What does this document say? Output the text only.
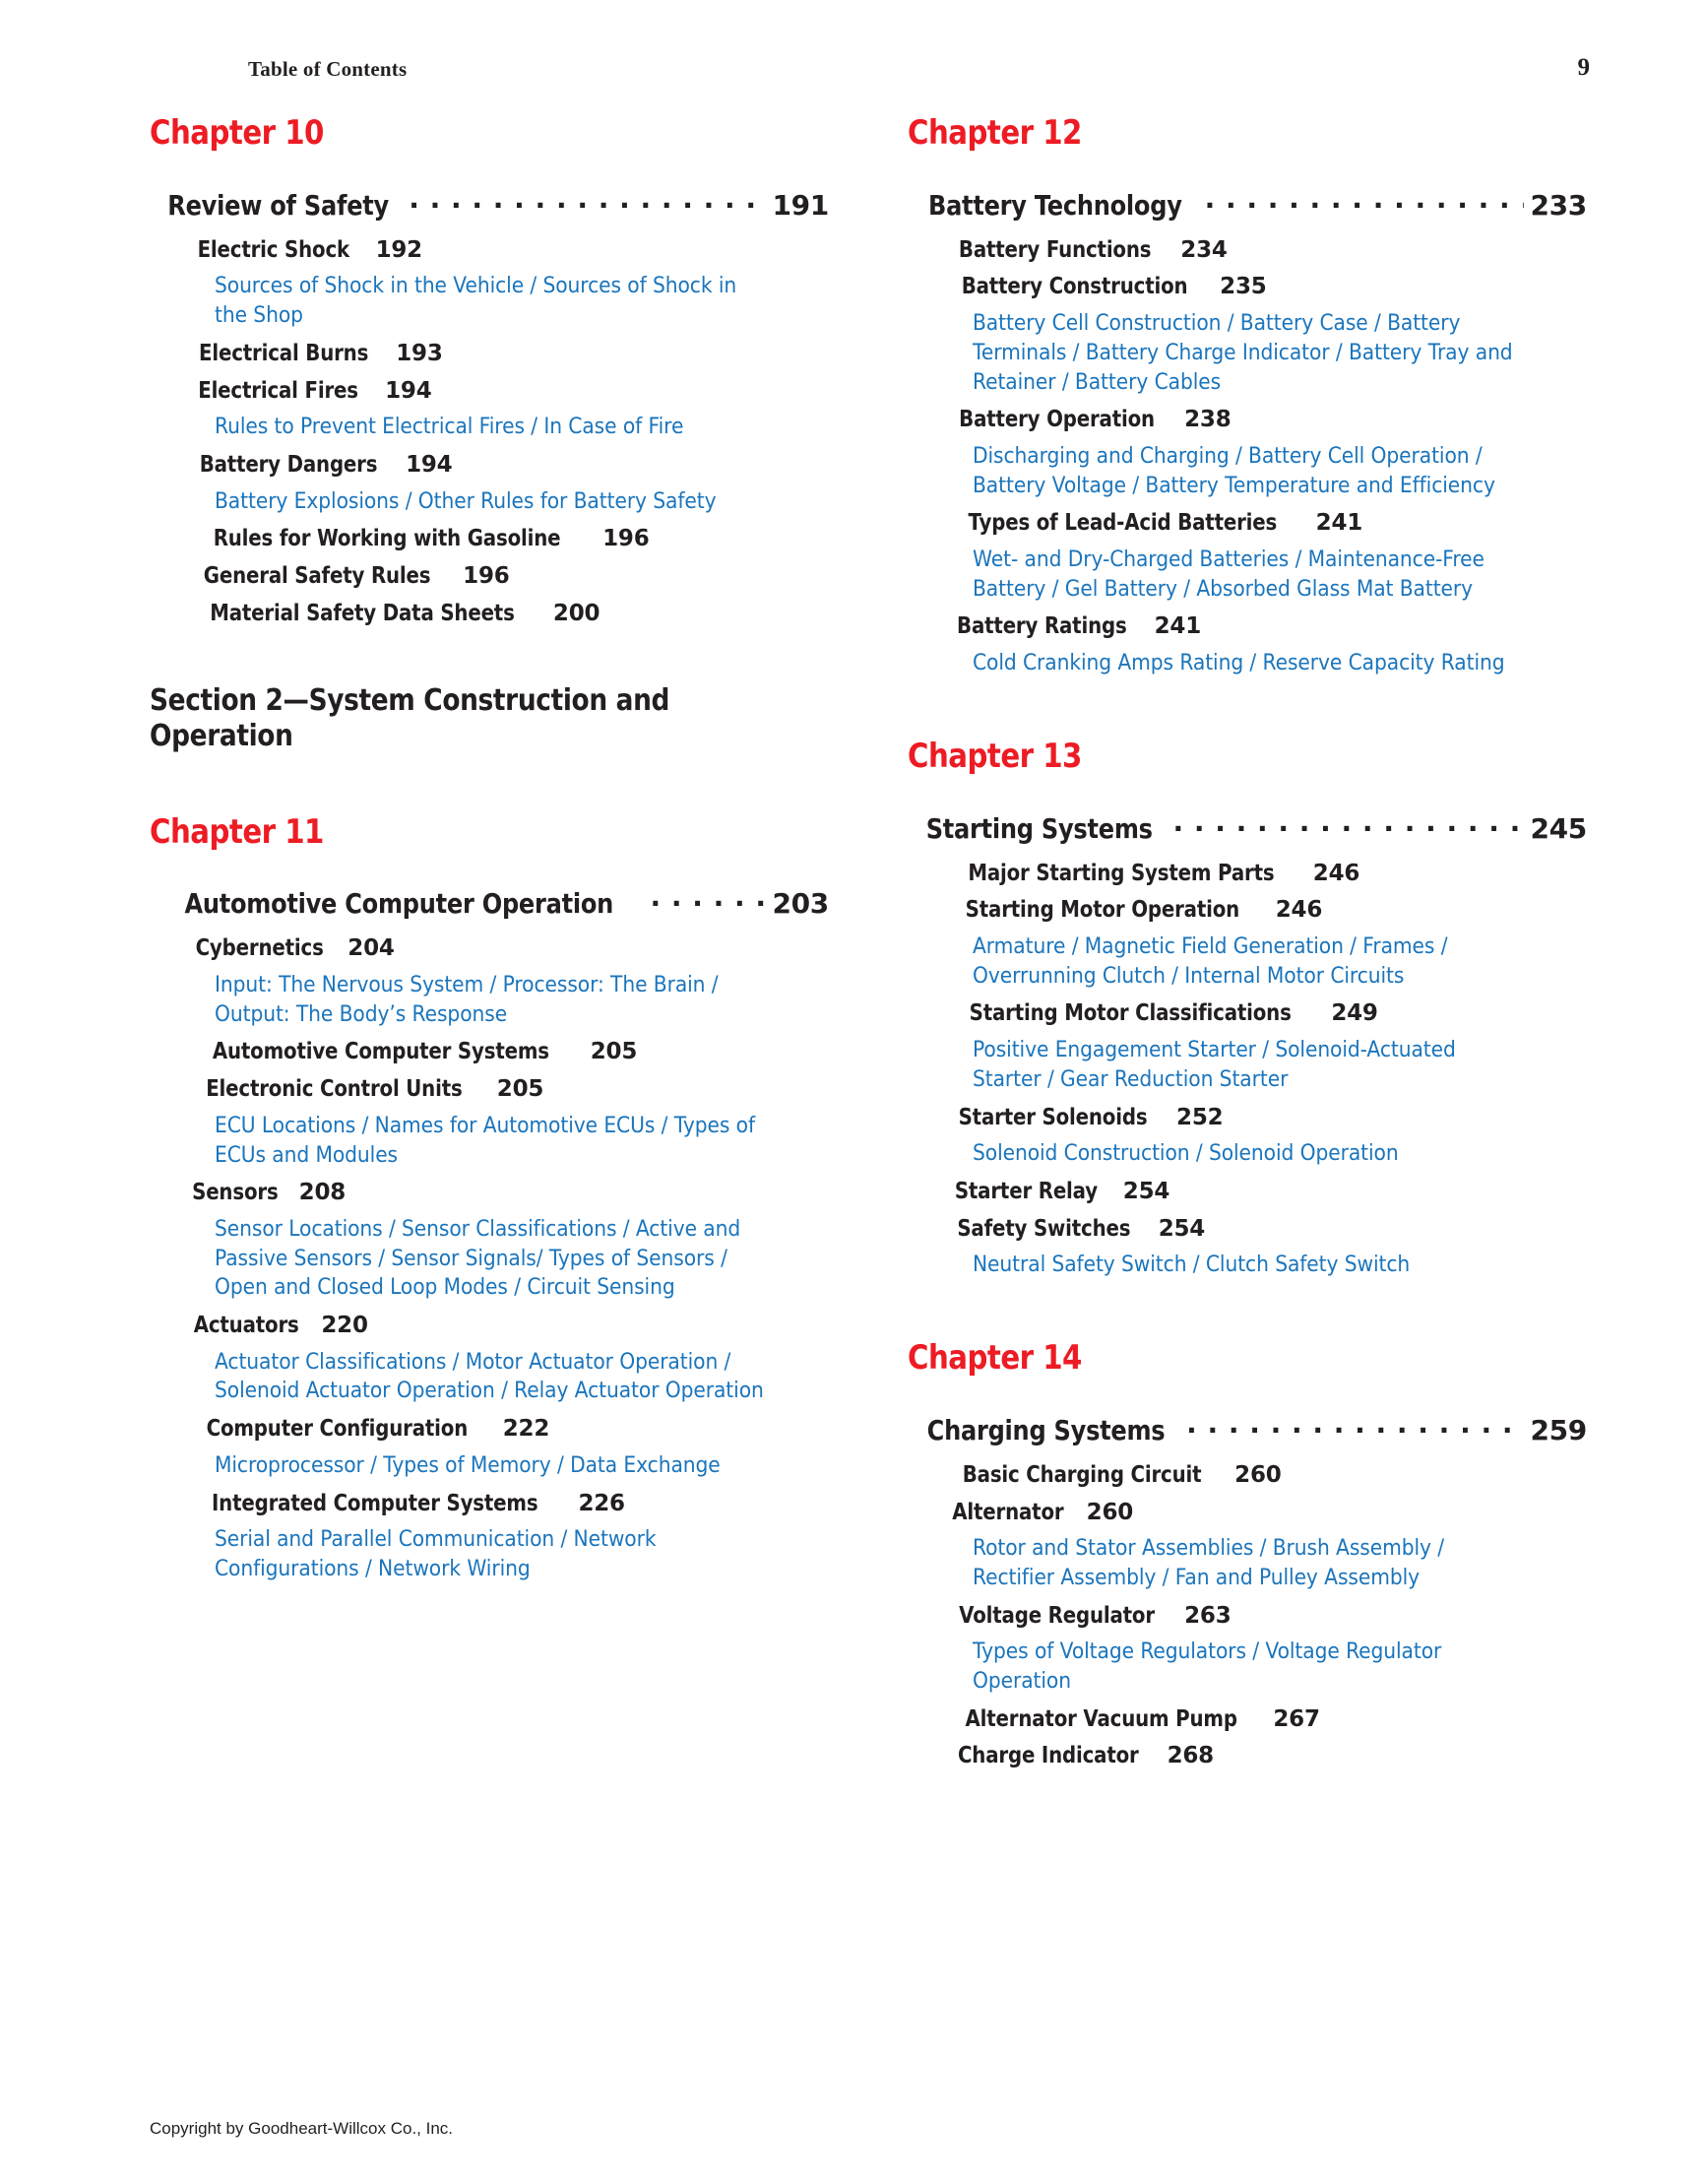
Table of Contents	9
Chapter 10
Review of Safety . . .	191
Electric Shock 192
Sources of Shock in the Vehicle / Sources of Shock in the Shop
Electrical Burns 193
Electrical Fires 194
Rules to Prevent Electrical Fires / In Case of Fire
Battery Dangers 194
Battery Explosions / Other Rules for Battery Safety
Rules for Working with Gasoline 196
General Safety Rules 196
Material Safety Data Sheets 200
Section 2—System Construction and Operation
Chapter 11
Automotive Computer Operation . . .	203
Cybernetics 204
Input: The Nervous System / Processor: The Brain / Output: The Body’s Response
Automotive Computer Systems 205
Electronic Control Units 205
ECU Locations / Names for Automotive ECUs / Types of ECUs and Modules
Sensors 208
Sensor Locations / Sensor Classifications / Active and Passive Sensors / Sensor Signals/ Types of Sensors / Open and Closed Loop Modes / Circuit Sensing
Actuators 220
Actuator Classifications / Motor Actuator Operation / Solenoid Actuator Operation / Relay Actuator Operation
Computer Configuration 222
Microprocessor / Types of Memory / Data Exchange
Integrated Computer Systems 226
Serial and Parallel Communication / Network Configurations / Network Wiring
Chapter 12
Battery Technology . . .	233
Battery Functions 234
Battery Construction 235
Battery Cell Construction / Battery Case / Battery Terminals / Battery Charge Indicator / Battery Tray and Retainer / Battery Cables
Battery Operation 238
Discharging and Charging / Battery Cell Operation / Battery Voltage / Battery Temperature and Efficiency
Types of Lead-Acid Batteries 241
Wet- and Dry-Charged Batteries / Maintenance-Free Battery / Gel Battery / Absorbed Glass Mat Battery
Battery Ratings 241
Cold Cranking Amps Rating / Reserve Capacity Rating
Chapter 13
Starting Systems . . .	245
Major Starting System Parts 246
Starting Motor Operation 246
Armature / Magnetic Field Generation / Frames / Overrunning Clutch / Internal Motor Circuits
Starting Motor Classifications 249
Positive Engagement Starter / Solenoid-Actuated Starter / Gear Reduction Starter
Starter Solenoids 252
Solenoid Construction / Solenoid Operation
Starter Relay 254
Safety Switches 254
Neutral Safety Switch / Clutch Safety Switch
Chapter 14
Charging Systems . . .	259
Basic Charging Circuit 260
Alternator 260
Rotor and Stator Assemblies / Brush Assembly / Rectifier Assembly / Fan and Pulley Assembly
Voltage Regulator 263
Types of Voltage Regulators / Voltage Regulator Operation
Alternator Vacuum Pump 267
Charge Indicator 268
Copyright by Goodheart-Willcox Co., Inc.
